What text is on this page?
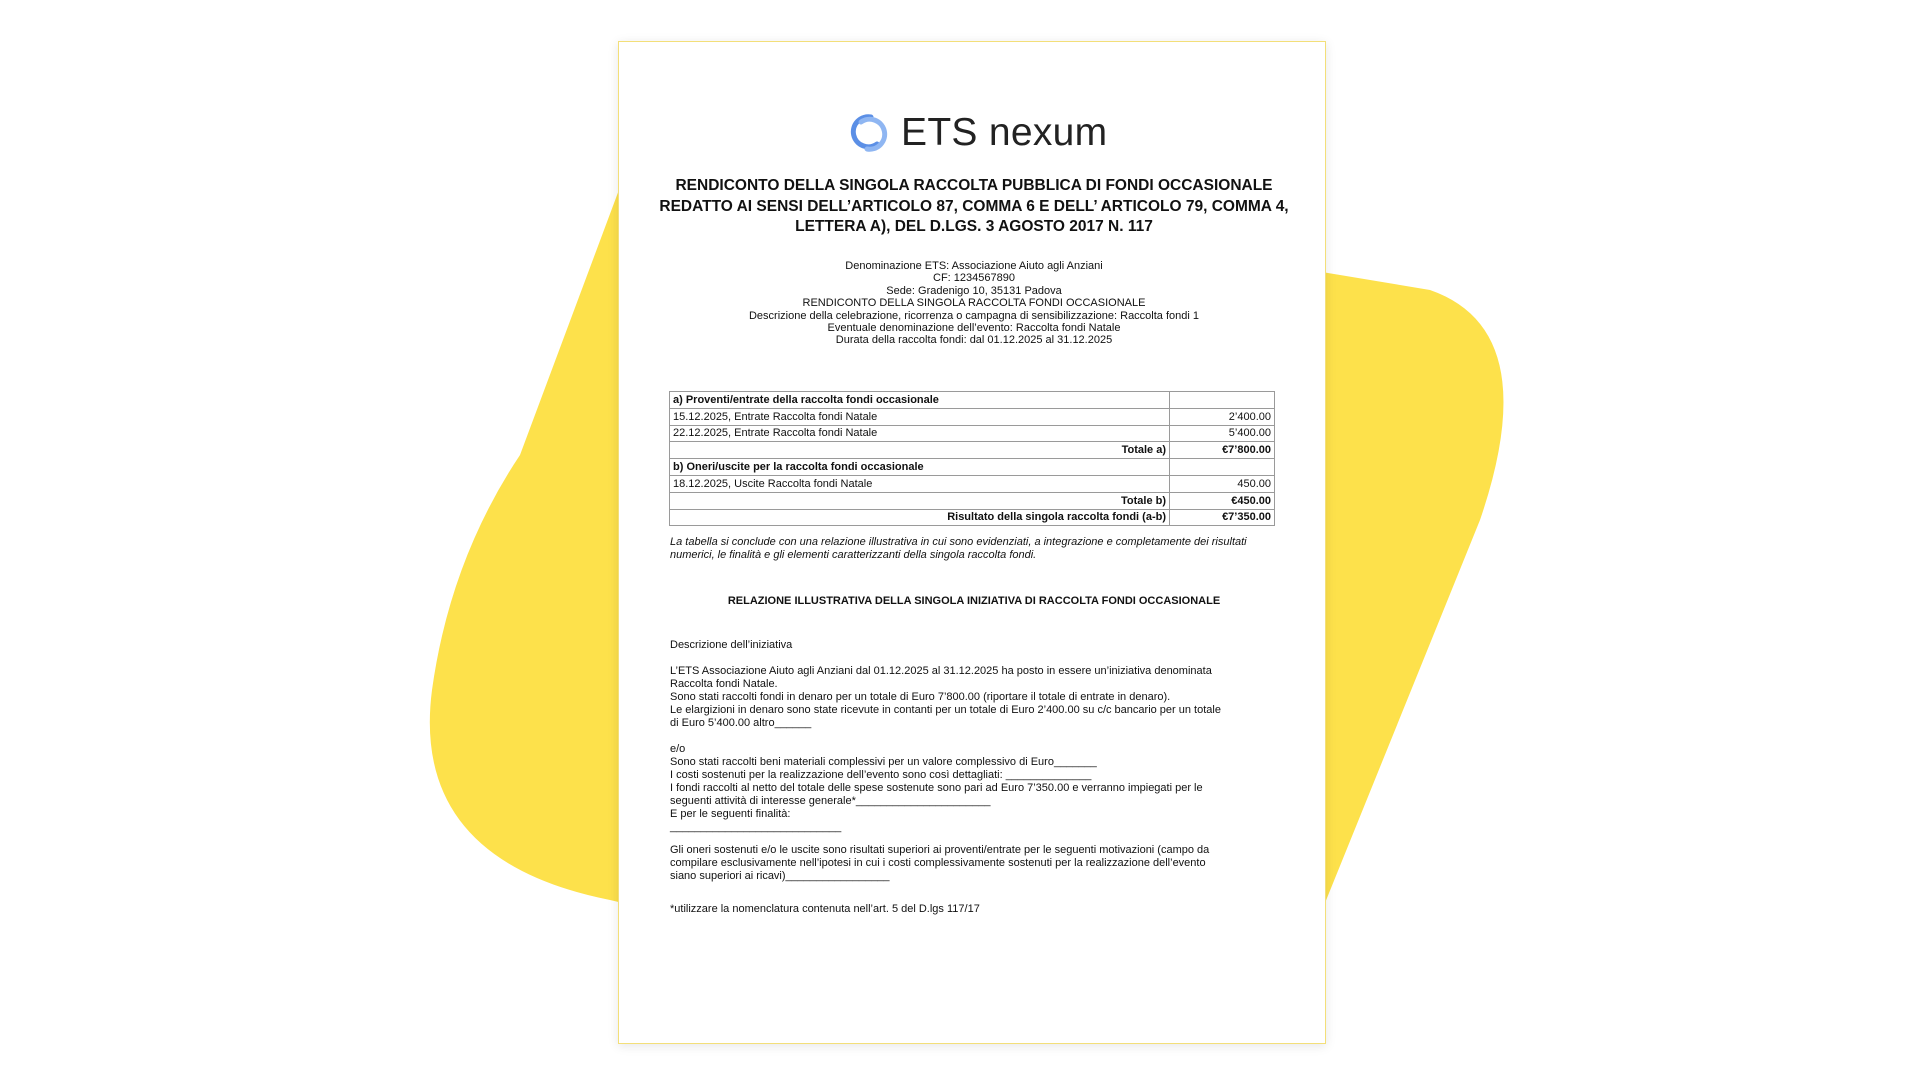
ETS nexum
RENDICONTO DELLA SINGOLA RACCOLTA PUBBLICA DI FONDI OCCASIONALE REDATTO AI SENSI DELL’ARTICOLO 87, COMMA 6 E DELL’ ARTICOLO 79, COMMA 4, LETTERA A), DEL D.LGS. 3 AGOSTO 2017 N. 117
Denominazione ETS: Associazione Aiuto agli Anziani
CF: 1234567890
Sede: Gradenigo 10, 35131 Padova
RENDICONTO DELLA SINGOLA RACCOLTA FONDI OCCASIONALE
Descrizione della celebrazione, ricorrenza o campagna di sensibilizzazione: Raccolta fondi 1
Eventuale denominazione dell’evento: Raccolta fondi Natale
Durata della raccolta fondi: dal 01.12.2025 al 31.12.2025
a) Proventi/entrate della raccolta fondi occasionale	
15.12.2025, Entrate Raccolta fondi Natale	2’400.00
22.12.2025, Entrate Raccolta fondi Natale	5’400.00
Totale a)	€7’800.00
b) Oneri/uscite per la raccolta fondi occasionale	
18.12.2025, Uscite Raccolta fondi Natale	450.00
Totale b)	€450.00
Risultato della singola raccolta fondi (a-b)	€7’350.00
La tabella si conclude con una relazione illustrativa in cui sono evidenziati, a integrazione e completamente dei risultati numerici, le finalità e gli elementi caratterizzanti della singola raccolta fondi.
RELAZIONE ILLUSTRATIVA DELLA SINGOLA INIZIATIVA DI RACCOLTA FONDI OCCASIONALE
Descrizione dell’iniziativa
L’ETS Associazione Aiuto agli Anziani dal 01.12.2025 al 31.12.2025 ha posto in essere un’iniziativa denominata
Raccolta fondi Natale.
Sono stati raccolti fondi in denaro per un totale di Euro 7’800.00 (riportare il totale di entrate in denaro).
Le elargizioni in denaro sono state ricevute in contanti per un totale di Euro 2’400.00 su c/c bancario per un totale
di Euro 5’400.00 altro______
e/o
Sono stati raccolti beni materiali complessivi per un valore complessivo di Euro_______
I costi sostenuti per la realizzazione dell’evento sono così dettagliati: ______________
I fondi raccolti al netto del totale delle spese sostenute sono pari ad Euro 7’350.00 e verranno impiegati per le
seguenti attività di interesse generale*______________________
E per le seguenti finalità:
____________________________
Gli oneri sostenuti e/o le uscite sono risultati superiori ai proventi/entrate per le seguenti motivazioni (campo da
compilare esclusivamente nell’ipotesi in cui i costi complessivamente sostenuti per la realizzazione dell’evento
siano superiori ai ricavi)_________________
*utilizzare la nomenclatura contenuta nell’art. 5 del D.lgs 117/17
